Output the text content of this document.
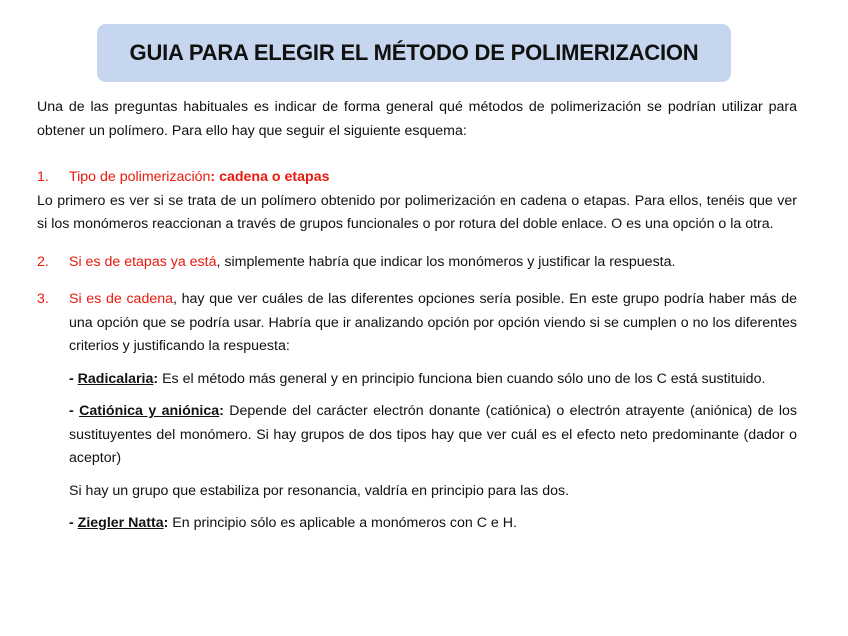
GUIA PARA ELEGIR EL MÉTODO DE POLIMERIZACION

Una de las preguntas habituales es indicar de forma general qué métodos de polimerización se podrían utilizar para obtener un polímero. Para ello hay que seguir el siguiente esquema:

1. Tipo de polimerización: cadena o etapas

Lo primero es ver si se trata de un polímero obtenido por polimerización en cadena o etapas. Para ellos, tenéis que ver si los monómeros reaccionan a través de grupos funcionales o por rotura del doble enlace. O es una opción o la otra.

2. Si es de etapas ya está, simplemente habría que indicar los monómeros y justificar la respuesta.

3. Si es de cadena, hay que ver cuáles de las diferentes opciones sería posible. En este grupo podría haber más de una opción que se podría usar. Habría que ir analizando opción por opción viendo si se cumplen o no los diferentes criterios y justificando la respuesta:

- Radicalaria: Es el método más general y en principio funciona bien cuando sólo uno de los C está sustituido.

- Catiónica y aniónica: Depende del carácter electrón donante (catiónica) o electrón atrayente (aniónica) de los sustituyentes del monómero. Si hay grupos de dos tipos hay que ver cuál es el efecto neto predominante (dador o aceptor)

Si hay un grupo que estabiliza por resonancia, valdría en principio para las dos.

- Ziegler Natta: En principio sólo es aplicable a monómeros con C e H.
